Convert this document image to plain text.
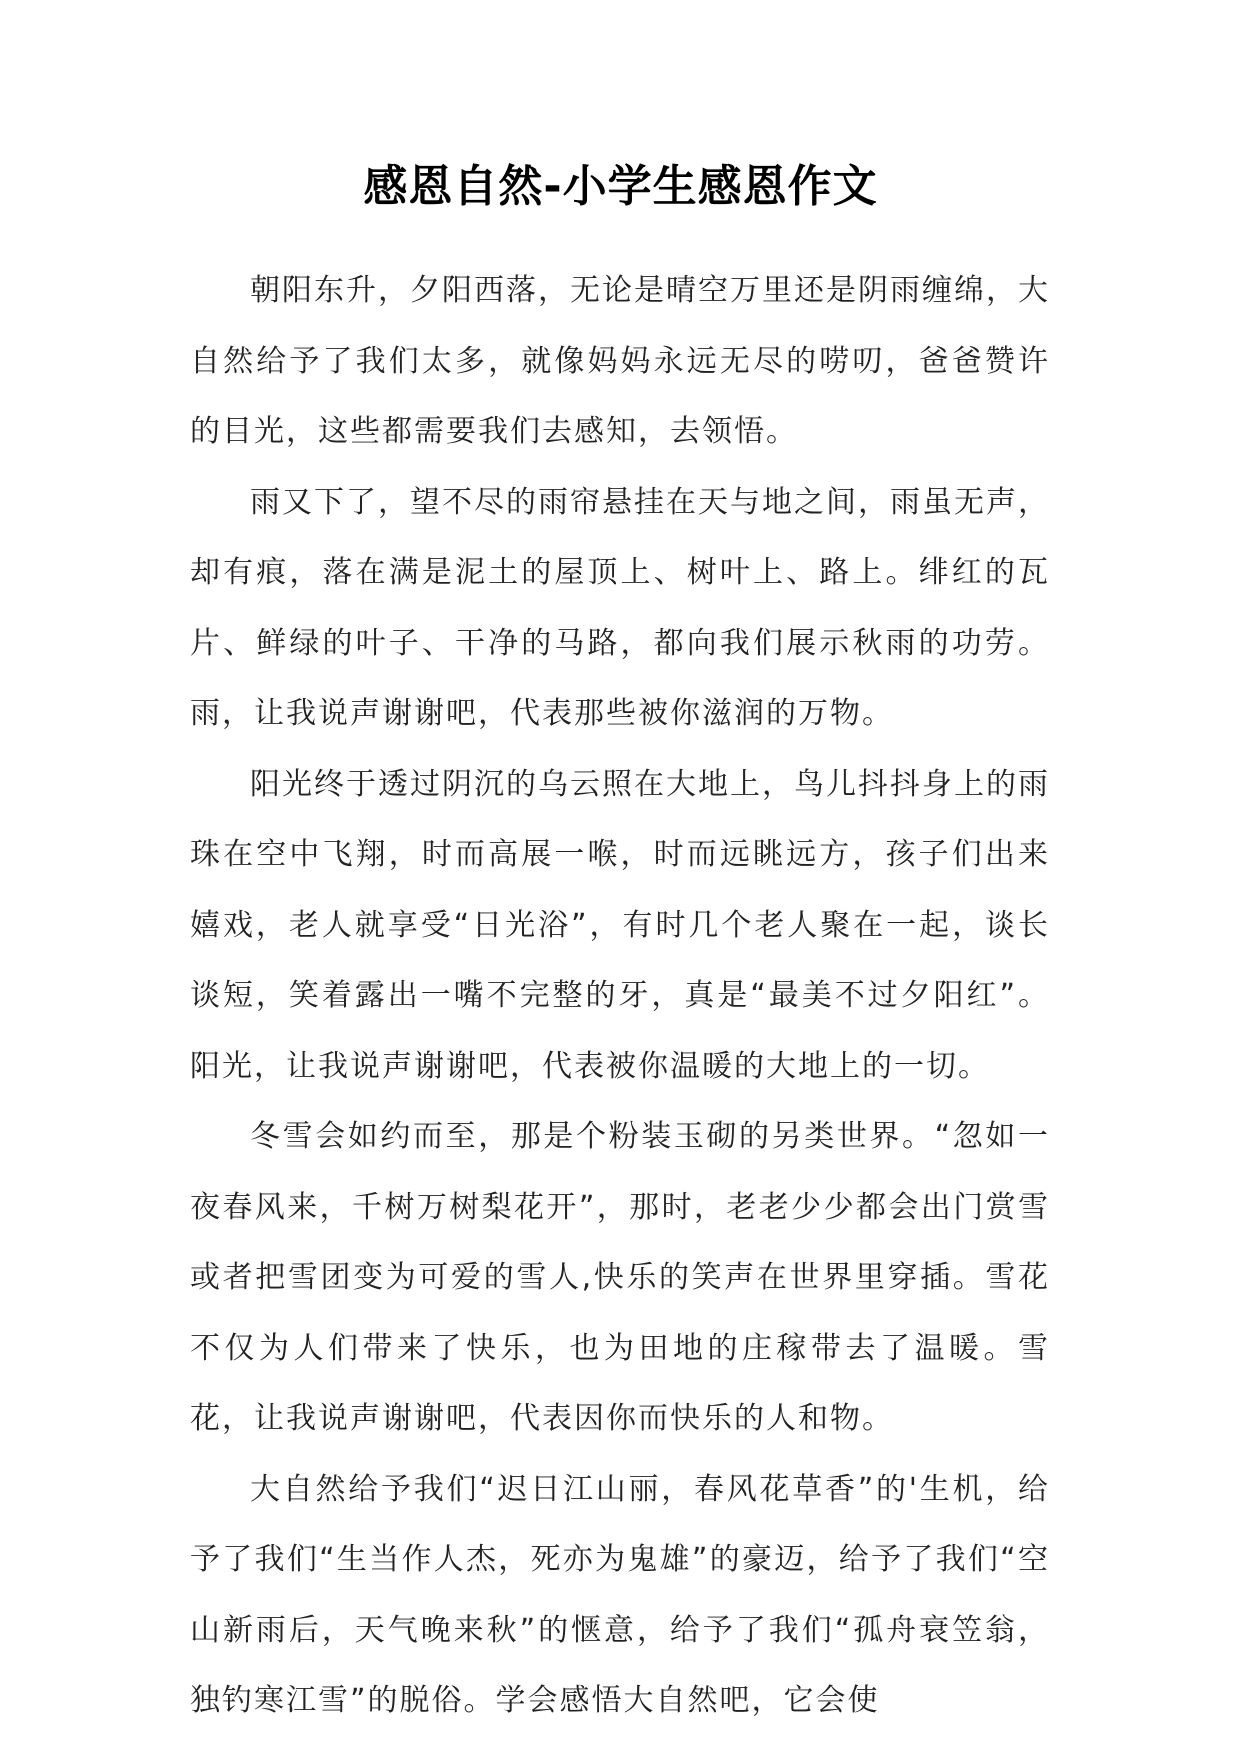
感恩自然-小学生感恩作文

朝阳东升，夕阳西落，无论是晴空万里还是阴雨缠绵，大自然给予了我们太多，就像妈妈永远无尽的唠叨，爸爸赞许的目光，这些都需要我们去感知，去领悟。

雨又下了，望不尽的雨帘悬挂在天与地之间，雨虽无声，却有痕，落在满是泥土的屋顶上、树叶上、路上。绯红的瓦片、鲜绿的叶子、干净的马路，都向我们展示秋雨的功劳。雨，让我说声谢谢吧，代表那些被你滋润的万物。

阳光终于透过阴沉的乌云照在大地上，鸟儿抖抖身上的雨珠在空中飞翔，时而高展一喉，时而远眺远方，孩子们出来嬉戏，老人就享受“日光浴”，有时几个老人聚在一起，谈长谈短，笑着露出一嘴不完整的牙，真是“最美不过夕阳红”。阳光，让我说声谢谢吧，代表被你温暖的大地上的一切。

冬雪会如约而至，那是个粉装玉砌的另类世界。“忽如一夜春风来，千树万树梨花开”，那时，老老少少都会出门赏雪或者把雪团变为可爱的雪人,快乐的笑声在世界里穿插。雪花不仅为人们带来了快乐，也为田地的庄稼带去了温暖。雪花，让我说声谢谢吧，代表因你而快乐的人和物。

大自然给予我们“迟日江山丽，春风花草香”的'生机，给予了我们“生当作人杰，死亦为鬼雄”的豪迈，给予了我们“空山新雨后，天气晚来秋”的惬意，给予了我们“孤舟衰笠翁，独钓寒江雪”的脱俗。学会感悟大自然吧，它会使
